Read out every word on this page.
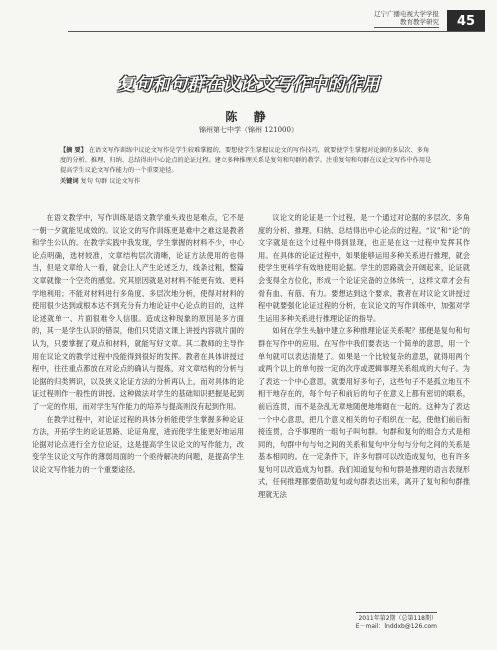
辽宁广播电视大学学报
教育教学研究 45
复句和句群在议论文写作中的作用
陈 静
锦州第七中学（锦州 121000）

【摘 要】 在语文写作训练中议论文写作是学生较难掌握的，要想使学生掌握议论文的写作技巧，就要使学生掌握对论据的多层次、多角度的分析、推理、归纳、总结得出中心论点的论证过程。建立多种推理关系是复句和句群的教学。注重复句和句群在议论文写作中作用是提高学生议论文写作能力的一个重要途径。

关键词 复句 句群 议论文写作

在语文教学中，写作训练是语文教学重头戏也是难点，它不是一朝一夕就能见成效的。议论文的写作训练更是难中之难这是教者和学生公认的。在教学实践中我发现，学生掌握的材料不少，中心论点明确，选材较准，文章结构层次清晰，论证方法使用的也得当，但是文章给人一看，就会让人产生论述乏力，线条过粗，整篇文章就像一个空壳的感觉。究其原因就是对材料不能更有效、更科学地利用；不能对材料进行多角度、多层次地分析，使得对材料的使用很少达到或根本达不到充分有力地论证中心论点的目的，这样论述就单一、片面很难令人信服。造成这种现象的原因是多方面的，其一是学生认识的错误，他们只凭语文课上讲授内容就片面的认为，只要掌握了观点和材料，就能写好文章。其二教师的主导作用在议论文的教学过程中没能得到很好的发挥。教者在具体讲授过程中，往往重点都放在对论点的确认与提炼，对文章结构的分析与论据的归类辨识，以及狭义论证方法的分析再认上，而对具体的论证过程则作一般性的讲授。这种做法对学生的基础知识把握是起到了一定的作用，而对学生写作能力的培养与提高则没有起到作用。

在教学过程中，对论证过程的具体分析能使学生掌握多种论证方法，开拓学生的论证思路、论证角度，进而使学生能更好地运用论据对论点进行全方位论证，这是提高学生议论文的写作能力，改变学生议论文写作的薄弱局面的一个亟待解决的问题，是提高学生议论文写作能力的一个重要途径。

议论文的论证是一个过程，是一个通过对论据的多层次、多角度的分析、推理、归纳、总结得出中心论点的过程。“议”和“论”的文字就是在这个过程中得到显现，也正是在这一过程中发挥其作用。在具体的论证过程中，如果能够运用多种关系进行推理，就会使学生更科学有效地使用论据。学生的思路就会开阔起来，论证就会变得全方位化，形成一个论证完备的立体统一，这样文章才会有骨有血、有筋、有力。要想达到这个要求，教者在对议论文讲授过程中就要强化论证过程的分析，在议论文的写作训练中，加强对学生运用多种关系进行推理论证的指导。

如何在学生头脑中建立多种推理论证关系呢？那便是复句和句群在写作中的应用。在写作中我们要表达一个简单的意思，用一个单句就可以表达清楚了。如果是一个比较复杂的意思，就得用两个或两个以上的单句按一定的次序或逻辑事理关系组成的大句子。为了表达一个中心意思，就要用好多句子，这些句子不是孤立地互不相干地存在的，每个句子和前后的句子在意义上都有密切的联系，前后连贯，而不是杂乱无章地随便地堆砌在一起的。这种为了表达一个中心意思，把几个意义相关的句子组织在一起，使他们前后衔接连贯，合乎事理的一组句子叫句群。句群和复句的组合方式是相同的，句群中句与句之间的关系和复句中分句与分句之间的关系是基本相同的。在一定条件下，许多句群可以改造成复句，也有许多复句可以改造成为句群。我们知道复句和句群是推理的语言表现形式，任何推理都要借助复句或句群表达出来，离开了复句和句群推理就无法

2011年第2期（总第118期）
E－mail：lnddxb@126.com
